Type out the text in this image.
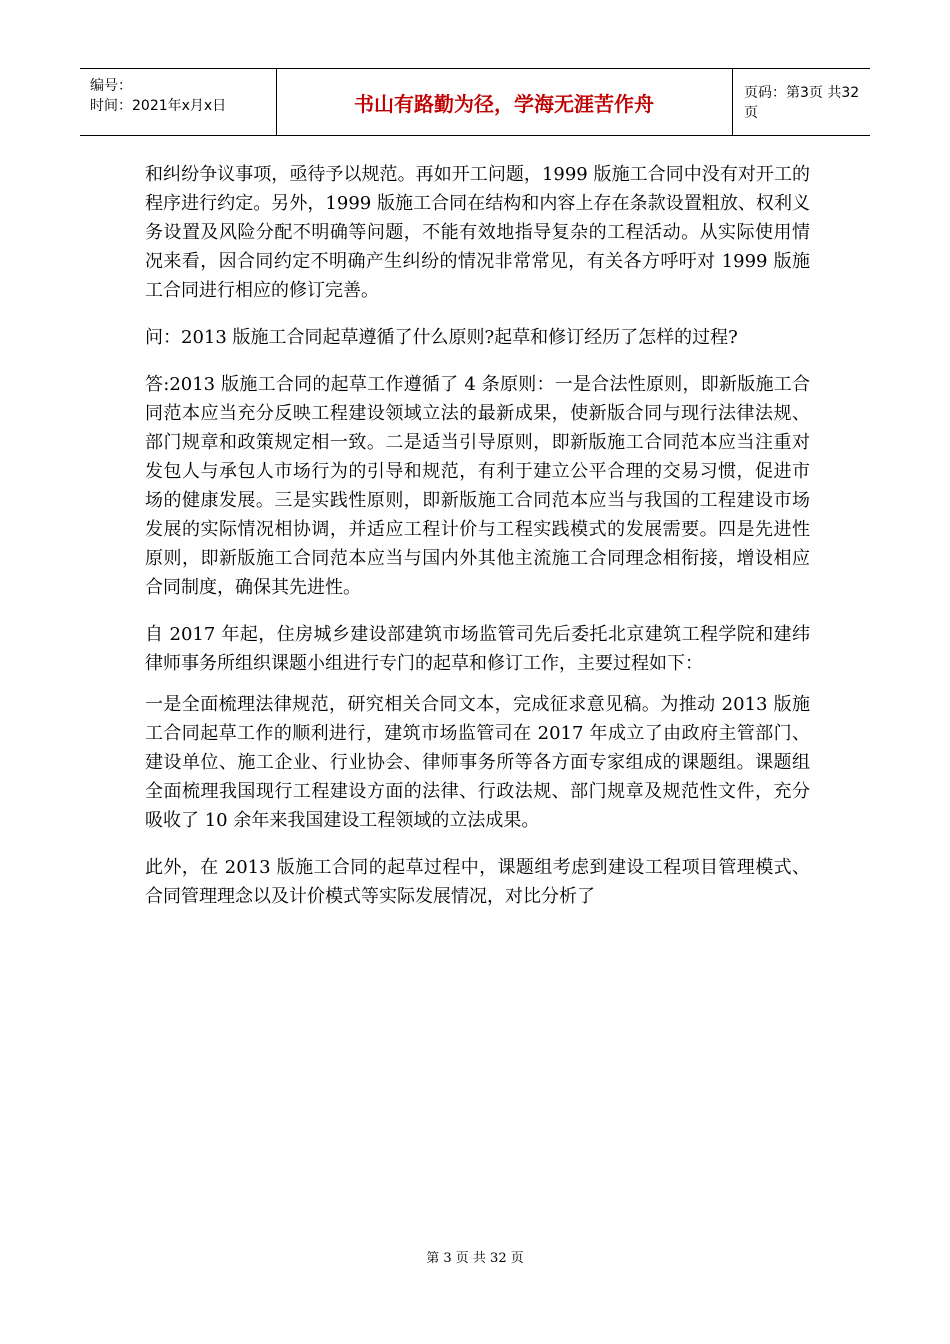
编号：
时间：2021年x月x日	书山有路勤为径，学海无涯苦作舟	页码：第3页 共32页

和纠纷争议事项，亟待予以规范。再如开工问题，1999 版施工合同中没有对开工的程序进行约定。另外，1999 版施工合同在结构和内容上存在条款设置粗放、权利义务设置及风险分配不明确等问题，不能有效地指导复杂的工程活动。从实际使用情况来看，因合同约定不明确产生纠纷的情况非常常见，有关各方呼吁对 1999 版施工合同进行相应的修订完善。

问：2013 版施工合同起草遵循了什么原则?起草和修订经历了怎样的过程?

答:2013 版施工合同的起草工作遵循了 4 条原则：一是合法性原则，即新版施工合同范本应当充分反映工程建设领域立法的最新成果，使新版合同与现行法律法规、部门规章和政策规定相一致。二是适当引导原则，即新版施工合同范本应当注重对发包人与承包人市场行为的引导和规范，有利于建立公平合理的交易习惯，促进市场的健康发展。三是实践性原则，即新版施工合同范本应当与我国的工程建设市场发展的实际情况相协调，并适应工程计价与工程实践模式的发展需要。四是先进性原则，即新版施工合同范本应当与国内外其他主流施工合同理念相衔接，增设相应合同制度，确保其先进性。

自 2017 年起，住房城乡建设部建筑市场监管司先后委托北京建筑工程学院和建纬律师事务所组织课题小组进行专门的起草和修订工作，主要过程如下：

一是全面梳理法律规范，研究相关合同文本，完成征求意见稿。为推动 2013 版施工合同起草工作的顺利进行，建筑市场监管司在 2017 年成立了由政府主管部门、建设单位、施工企业、行业协会、律师事务所等各方面专家组成的课题组。课题组全面梳理我国现行工程建设方面的法律、行政法规、部门规章及规范性文件，充分吸收了 10 余年来我国建设工程领域的立法成果。

此外，在 2013 版施工合同的起草过程中，课题组考虑到建设工程项目管理模式、合同管理理念以及计价模式等实际发展情况，对比分析了

第 3 页 共 32 页
